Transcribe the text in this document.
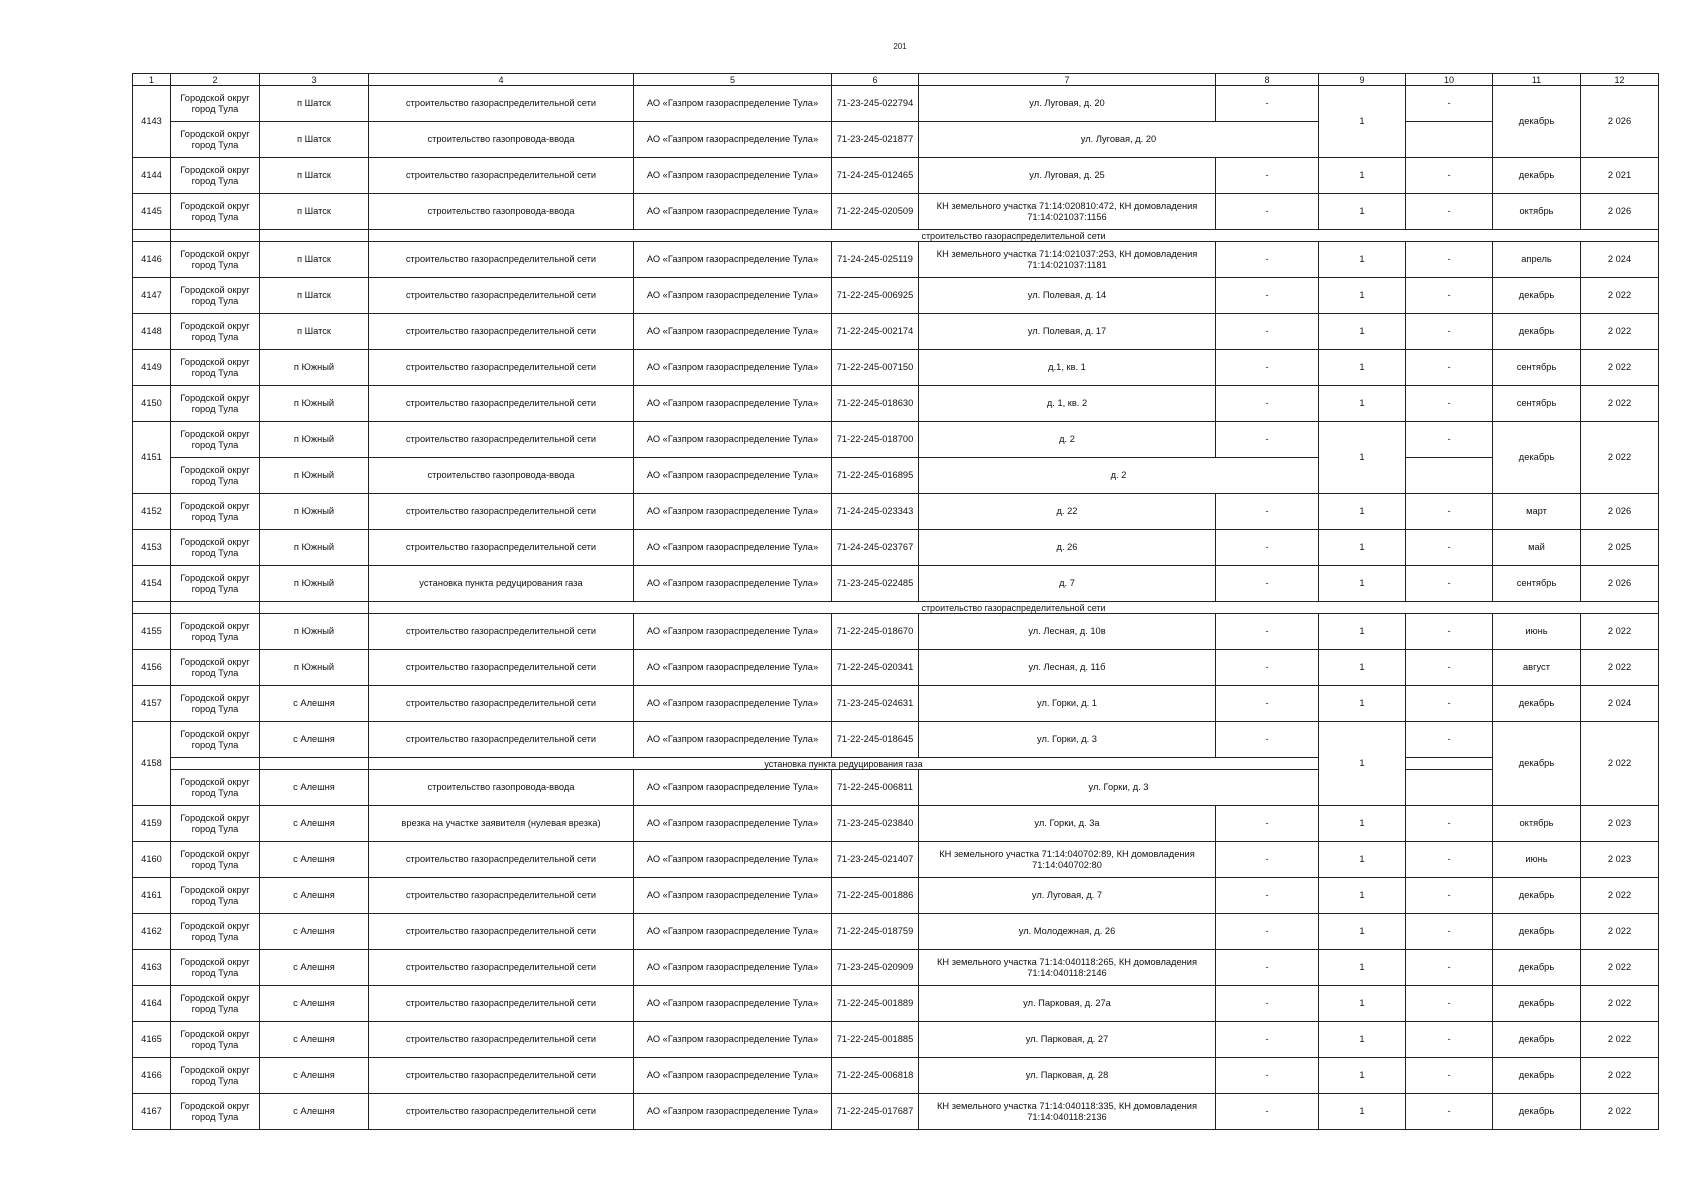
201
1	2	3	4	5	6	7	8	9	10	11	12
4143	Городской округ город Тула	п Шатск	строительство газораспределительной сети	АО «Газпром газораспределение Тула»	71-23-245-022794	ул. Луговая, д. 20	-	1	-	декабрь	2 026
	Городской округ город Тула	п Шатск	строительство газопровода-ввода	АО «Газпром газораспределение Тула»	71-23-245-021877	ул. Луговая, д. 20					
4144	Городской округ город Тула	п Шатск	строительство газораспределительной сети	АО «Газпром газораспределение Тула»	71-24-245-012465	ул. Луговая, д. 25	-	1	-	декабрь	2 021
4145	Городской округ город Тула	п Шатск	строительство газопровода-ввода	АО «Газпром газораспределение Тула»	71-22-245-020509	КН земельного участка 71:14:020810:472, КН домовладения 71:14:021037:1156	-	1	-	октябрь	2 026
			строительство газораспределительной сети								
4146	Городской округ город Тула	п Шатск	строительство газораспределительной сети	АО «Газпром газораспределение Тула»	71-24-245-025119	КН земельного участка 71:14:021037:253, КН домовладения 71:14:021037:1181	-	1	-	апрель	2 024
4147	Городской округ город Тула	п Шатск	строительство газораспределительной сети	АО «Газпром газораспределение Тула»	71-22-245-006925	ул. Полевая, д. 14	-	1	-	декабрь	2 022
4148	Городской округ город Тула	п Шатск	строительство газораспределительной сети	АО «Газпром газораспределение Тула»	71-22-245-002174	ул. Полевая, д. 17	-	1	-	декабрь	2 022
4149	Городской округ город Тула	п Южный	строительство газораспределительной сети	АО «Газпром газораспределение Тула»	71-22-245-007150	д.1, кв. 1	-	1	-	сентябрь	2 022
4150	Городской округ город Тула	п Южный	строительство газораспределительной сети	АО «Газпром газораспределение Тула»	71-22-245-018630	д. 1, кв. 2	-	1	-	сентябрь	2 022
4151	Городской округ город Тула	п Южный	строительство газораспределительной сети	АО «Газпром газораспределение Тула»	71-22-245-018700	д. 2	-	1	-	декабрь	2 022
	Городской округ город Тула	п Южный	строительство газопровода-ввода	АО «Газпром газораспределение Тула»	71-22-245-016895	д. 2					
4152	Городской округ город Тула	п Южный	строительство газораспределительной сети	АО «Газпром газораспределение Тула»	71-24-245-023343	д. 22	-	1	-	март	2 026
4153	Городской округ город Тула	п Южный	строительство газораспределительной сети	АО «Газпром газораспределение Тула»	71-24-245-023767	д. 26	-	1	-	май	2 025
4154	Городской округ город Тула	п Южный	установка пункта редуцирования газа	АО «Газпром газораспределение Тула»	71-23-245-022485	д. 7	-	1	-	сентябрь	2 026
			строительство газораспределительной сети								
4155	Городской округ город Тула	п Южный	строительство газораспределительной сети	АО «Газпром газораспределение Тула»	71-22-245-018670	ул. Лесная, д. 10в	-	1	-	июнь	2 022
4156	Городской округ город Тула	п Южный	строительство газораспределительной сети	АО «Газпром газораспределение Тула»	71-22-245-020341	ул. Лесная, д. 11б	-	1	-	август	2 022
4157	Городской округ город Тула	с Алешня	строительство газораспределительной сети	АО «Газпром газораспределение Тула»	71-23-245-024631	ул. Горки, д. 1	-	1	-	декабрь	2 024
4158	Городской округ город Тула	с Алешня	строительство газораспределительной сети	АО «Газпром газораспределение Тула»	71-22-245-018645	ул. Горки, д. 3	-	1	-	декабрь	2 022
			установка пункта редуцирования газа								
	Городской округ город Тула	с Алешня	строительство газопровода-ввода	АО «Газпром газораспределение Тула»	71-22-245-006811	ул. Горки, д. 3					
4159	Городской округ город Тула	с Алешня	врезка на участке заявителя (нулевая врезка)	АО «Газпром газораспределение Тула»	71-23-245-023840	ул. Горки, д. 3а	-	1	-	октябрь	2 023
4160	Городской округ город Тула	с Алешня	строительство газораспределительной сети	АО «Газпром газораспределение Тула»	71-23-245-021407	КН земельного участка 71:14:040702:89, КН домовладения 71:14:040702:80	-	1	-	июнь	2 023
4161	Городской округ город Тула	с Алешня	строительство газораспределительной сети	АО «Газпром газораспределение Тула»	71-22-245-001886	ул. Луговая, д. 7	-	1	-	декабрь	2 022
4162	Городской округ город Тула	с Алешня	строительство газораспределительной сети	АО «Газпром газораспределение Тула»	71-22-245-018759	ул. Молодежная, д. 26	-	1	-	декабрь	2 022
4163	Городской округ город Тула	с Алешня	строительство газораспределительной сети	АО «Газпром газораспределение Тула»	71-23-245-020909	КН земельного участка 71:14:040118:265, КН домовладения 71:14:040118:2146	-	1	-	декабрь	2 022
4164	Городской округ город Тула	с Алешня	строительство газораспределительной сети	АО «Газпром газораспределение Тула»	71-22-245-001889	ул. Парковая, д. 27а	-	1	-	декабрь	2 022
4165	Городской округ город Тула	с Алешня	строительство газораспределительной сети	АО «Газпром газораспределение Тула»	71-22-245-001885	ул. Парковая, д. 27	-	1	-	декабрь	2 022
4166	Городской округ город Тула	с Алешня	строительство газораспределительной сети	АО «Газпром газораспределение Тула»	71-22-245-006818	ул. Парковая, д. 28	-	1	-	декабрь	2 022
4167	Городской округ город Тула	с Алешня	строительство газораспределительной сети	АО «Газпром газораспределение Тула»	71-22-245-017687	КН земельного участка 71:14:040118:335, КН домовладения 71:14:040118:2136	-	1	-	декабрь	2 022
